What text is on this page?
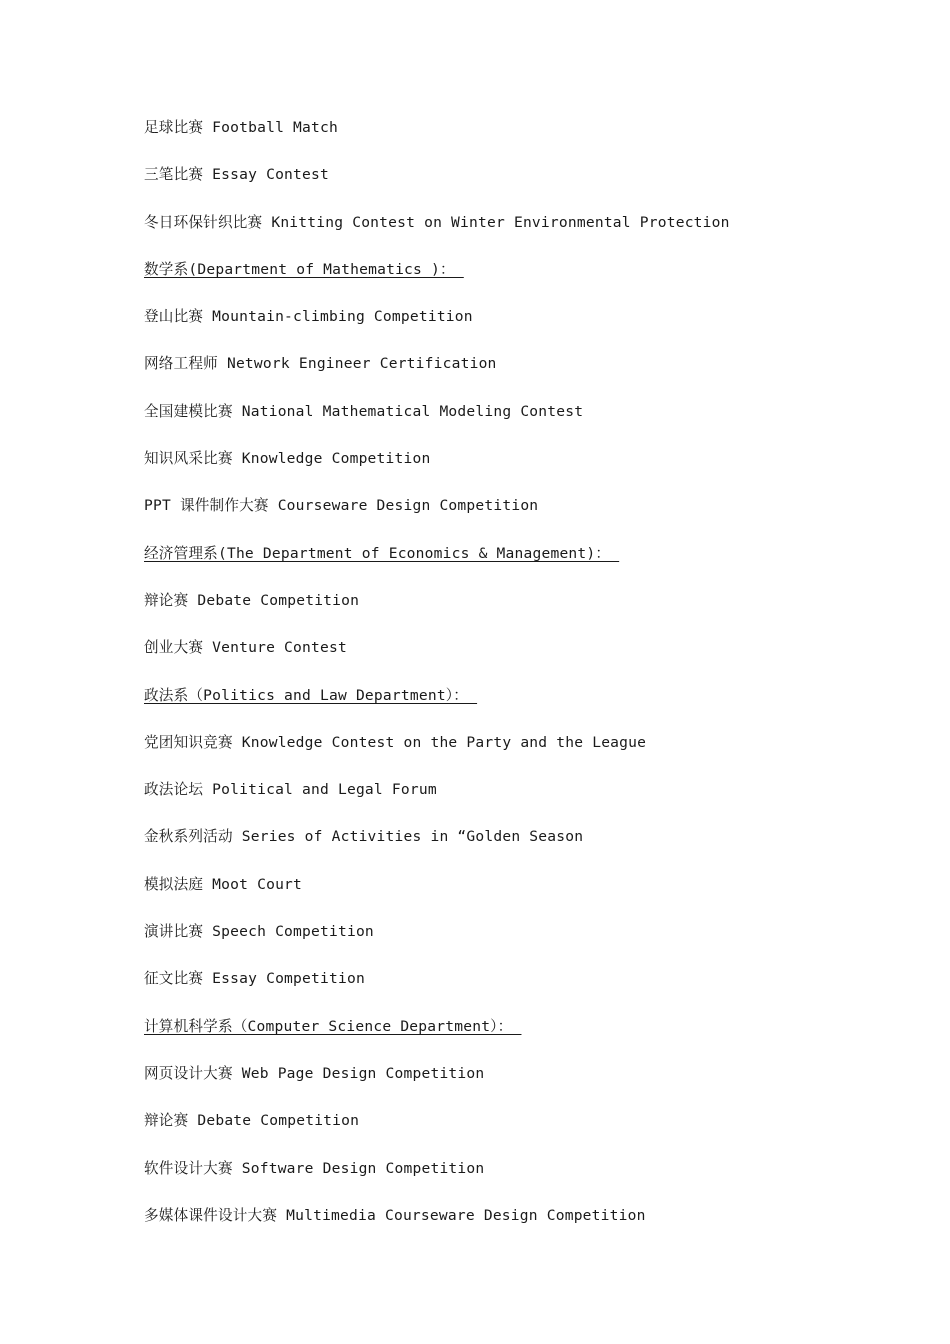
足球比赛 Football Match
三笔比赛 Essay Contest
冬日环保针织比赛 Knitting Contest on Winter Environmental Protection
数学系(Department of Mathematics )：
登山比赛 Mountain-climbing Competition
网络工程师 Network Engineer Certification
全国建模比赛 National Mathematical Modeling Contest
知识风采比赛 Knowledge Competition
PPT 课件制作大赛 Courseware Design Competition
经济管理系(The Department of Economics & Management)：
辩论赛 Debate Competition
创业大赛 Venture Contest
政法系（Politics and Law Department）：
党团知识竞赛 Knowledge Contest on the Party and the League
政法论坛 Political and Legal Forum
金秋系列活动 Series of Activities in “Golden Season
模拟法庭 Moot Court
演讲比赛 Speech Competition
征文比赛 Essay Competition
计算机科学系（Computer Science Department）：
网页设计大赛 Web Page Design Competition
辩论赛 Debate Competition
软件设计大赛 Software Design Competition
多媒体课件设计大赛 Multimedia Courseware Design Competition
